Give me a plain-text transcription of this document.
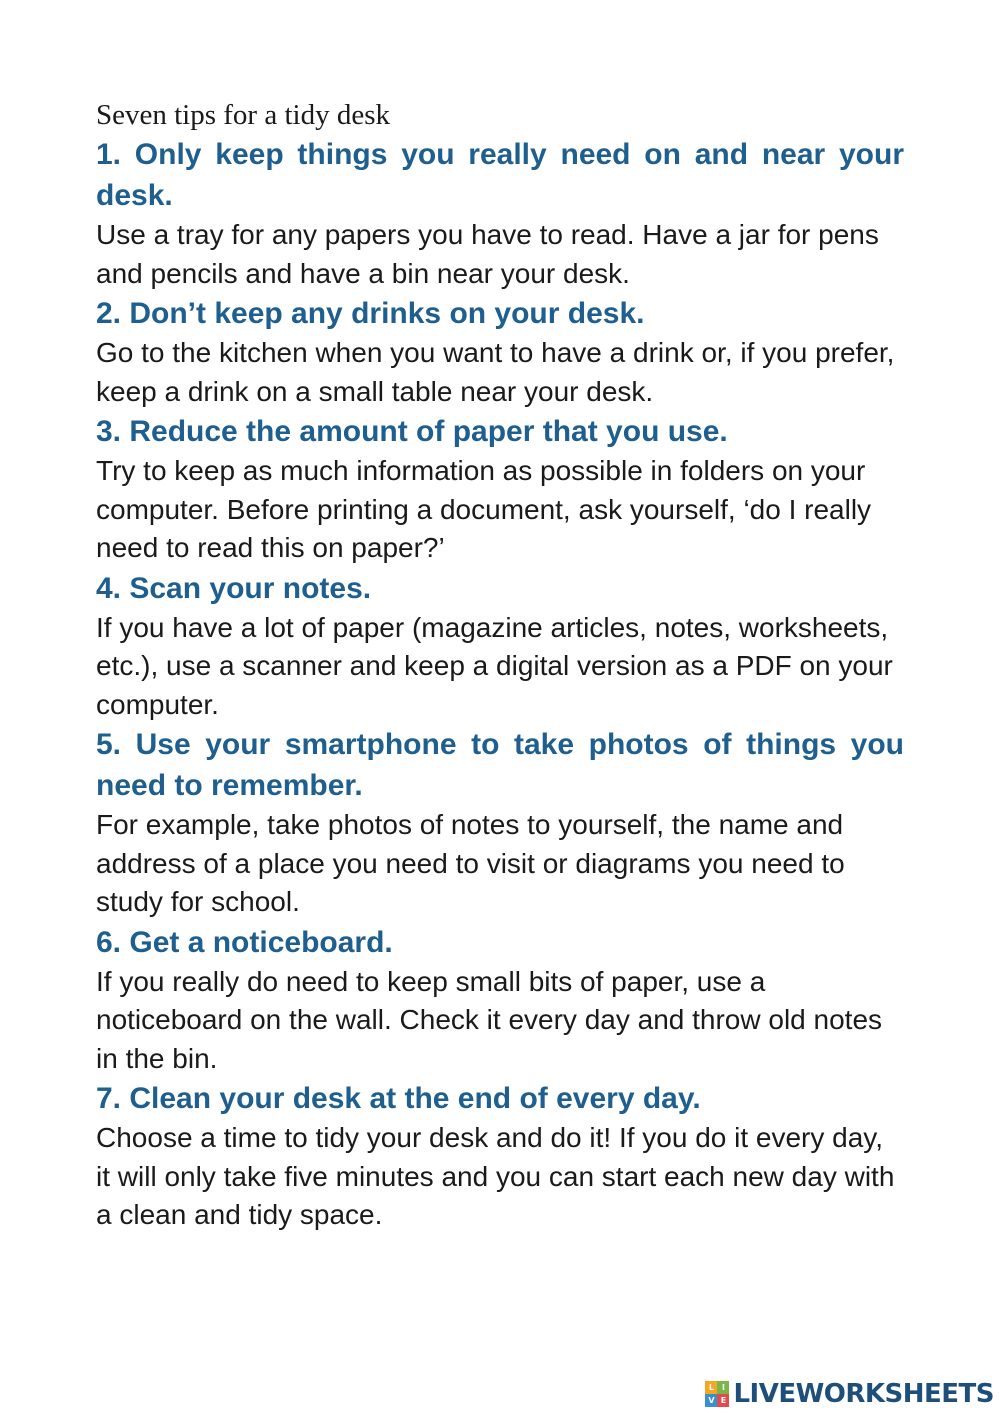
Seven tips for a tidy desk
1. Only keep things you really need on and near your desk.

Use a tray for any papers you have to read. Have a jar for pens and pencils and have a bin near your desk.

2. Don’t keep any drinks on your desk.

Go to the kitchen when you want to have a drink or, if you prefer, keep a drink on a small table near your desk.

3. Reduce the amount of paper that you use.

Try to keep as much information as possible in folders on your computer. Before printing a document, ask yourself, ‘do I really need to read this on paper?’

4. Scan your notes.

If you have a lot of paper (magazine articles, notes, worksheets, etc.), use a scanner and keep a digital version as a PDF on your computer.

5. Use your smartphone to take photos of things you need to remember.

For example, take photos of notes to yourself, the name and address of a place you need to visit or diagrams you need to study for school.

6. Get a noticeboard.

If you really do need to keep small bits of paper, use a noticeboard on the wall. Check it every day and throw old notes in the bin.

7. Clean your desk at the end of every day.

Choose a time to tidy your desk and do it! If you do it every day, it will only take five minutes and you can start each new day with a clean and tidy space.

L I
V E LIVEWORKSHEETS
